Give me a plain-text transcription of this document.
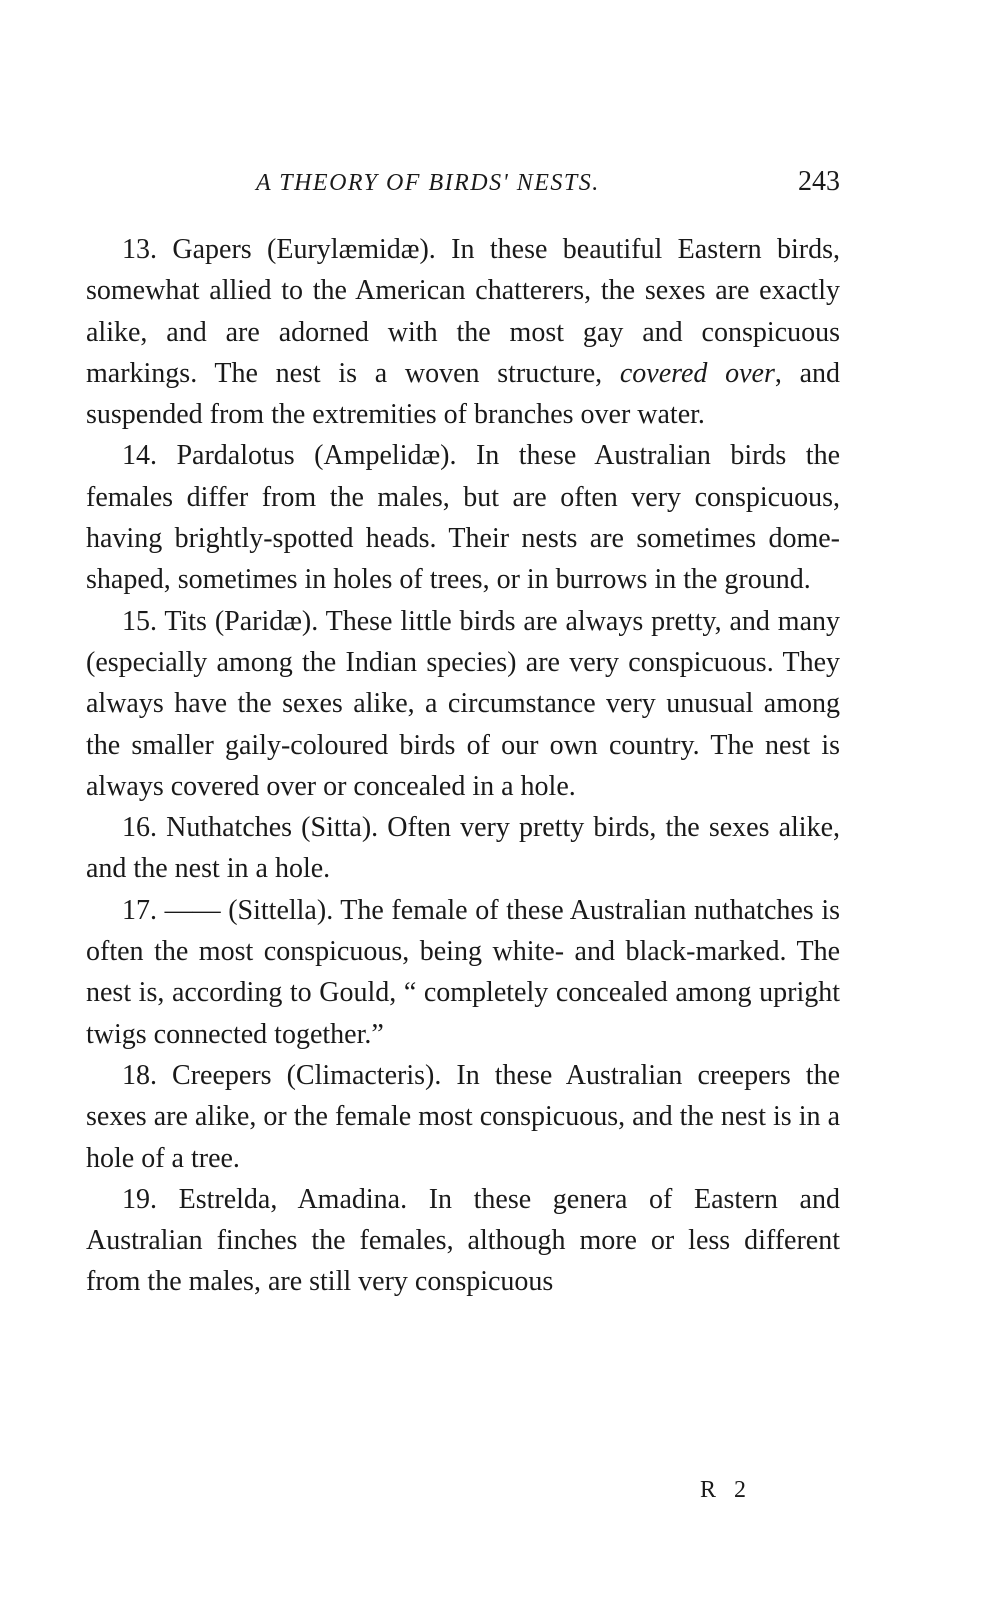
A THEORY OF BIRDS' NESTS.	243

13. Gapers (Eurylæmidæ). In these beautiful Eastern birds, somewhat allied to the American chatterers, the sexes are exactly alike, and are adorned with the most gay and conspicuous markings. The nest is a woven structure, covered over, and suspended from the extremities of branches over water.

14. Pardalotus (Ampelidæ). In these Australian birds the females differ from the males, but are often very conspicuous, having brightly-spotted heads. Their nests are sometimes dome-shaped, sometimes in holes of trees, or in burrows in the ground.

15. Tits (Paridæ). These little birds are always pretty, and many (especially among the Indian species) are very conspicuous. They always have the sexes alike, a circumstance very unusual among the smaller gaily-coloured birds of our own country. The nest is always covered over or concealed in a hole.

16. Nuthatches (Sitta). Often very pretty birds, the sexes alike, and the nest in a hole.

17. —— (Sittella). The female of these Australian nuthatches is often the most conspicuous, being white- and black-marked. The nest is, according to Gould, “ completely concealed among upright twigs connected together.”

18. Creepers (Climacteris). In these Australian creepers the sexes are alike, or the female most conspicuous, and the nest is in a hole of a tree.

19. Estrelda, Amadina. In these genera of Eastern and Australian finches the females, although more or less different from the males, are still very conspicuous

R 2
